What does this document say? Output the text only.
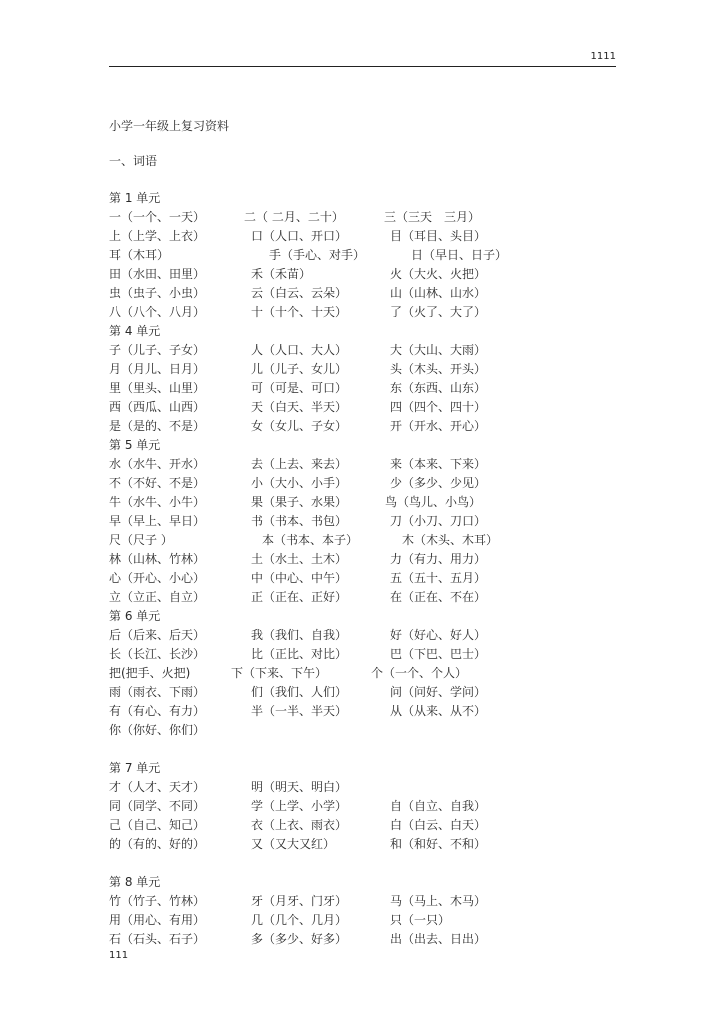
1111
小学一年级上复习资料
一、词语
第 1 单元
一（一个、一天）	二（ 二月、二十）	三（三天　三月）
上（上学、上衣）	口（人口、开口）	目（耳目、头目）
耳（木耳）	手（手心、对手）	日（早日、日子）
田（水田、田里）	禾（禾苗）	火（大火、火把）
虫（虫子、小虫）	云（白云、云朵）	山（山林、山水）
八（八个、八月）	十（十个、十天）	了（火了、大了）
第 4 单元
子（儿子、子女）	人（人口、大人）	大（大山、大雨）
月（月儿、日月）	儿（儿子、女儿）	头（木头、开头）
里（里头、山里）	可（可是、可口）	东（东西、山东）
西（西瓜、山西）	天（白天、半天）	四（四个、四十）
是（是的、不是）	女（女儿、子女）	开（开水、开心）
第 5 单元
水（水牛、开水）	去（上去、来去）	来（本来、下来）
不（不好、不是）	小（大小、小手）	少（多少、少见）
牛（水牛、小牛）	果（果子、水果）	鸟（鸟儿、小鸟）
早（早上、早日）	书（书本、书包）	刀（小刀、刀口）
尺（尺子 ）	本（书本、本子）	木（木头、木耳）
林（山林、竹林）	土（水土、土木）	力（有力、用力）
心（开心、小心）	中（中心、中午）	五（五十、五月）
立（立正、自立）	正（正在、正好）	在（正在、不在）
第 6 单元
后（后来、后天）	我（我们、自我）	好（好心、好人）
长（长江、长沙）	比（正比、对比）	巴（下巴、巴士）
把(把手、火把)	下（下来、下午）	个（一个、个人）
雨（雨衣、下雨）	们（我们、人们）	问（问好、学问）
有（有心、有力）	半（一半、半天）	从（从来、从不）
你（你好、你们）
第 7 单元
才（人才、天才）	明（明天、明白）
同（同学、不同）	学（上学、小学）	自（自立、自我）
己（自己、知己）	衣（上衣、雨衣）	白（白云、白天）
的（有的、好的）	又（又大又红）	和（和好、不和）
第 8 单元
竹（竹子、竹林）	牙（月牙、门牙）	马（马上、木马）
用（用心、有用）	几（几个、几月）	只（一只）
石（石头、石子）	多（多少、好多）	出（出去、日出）
111
